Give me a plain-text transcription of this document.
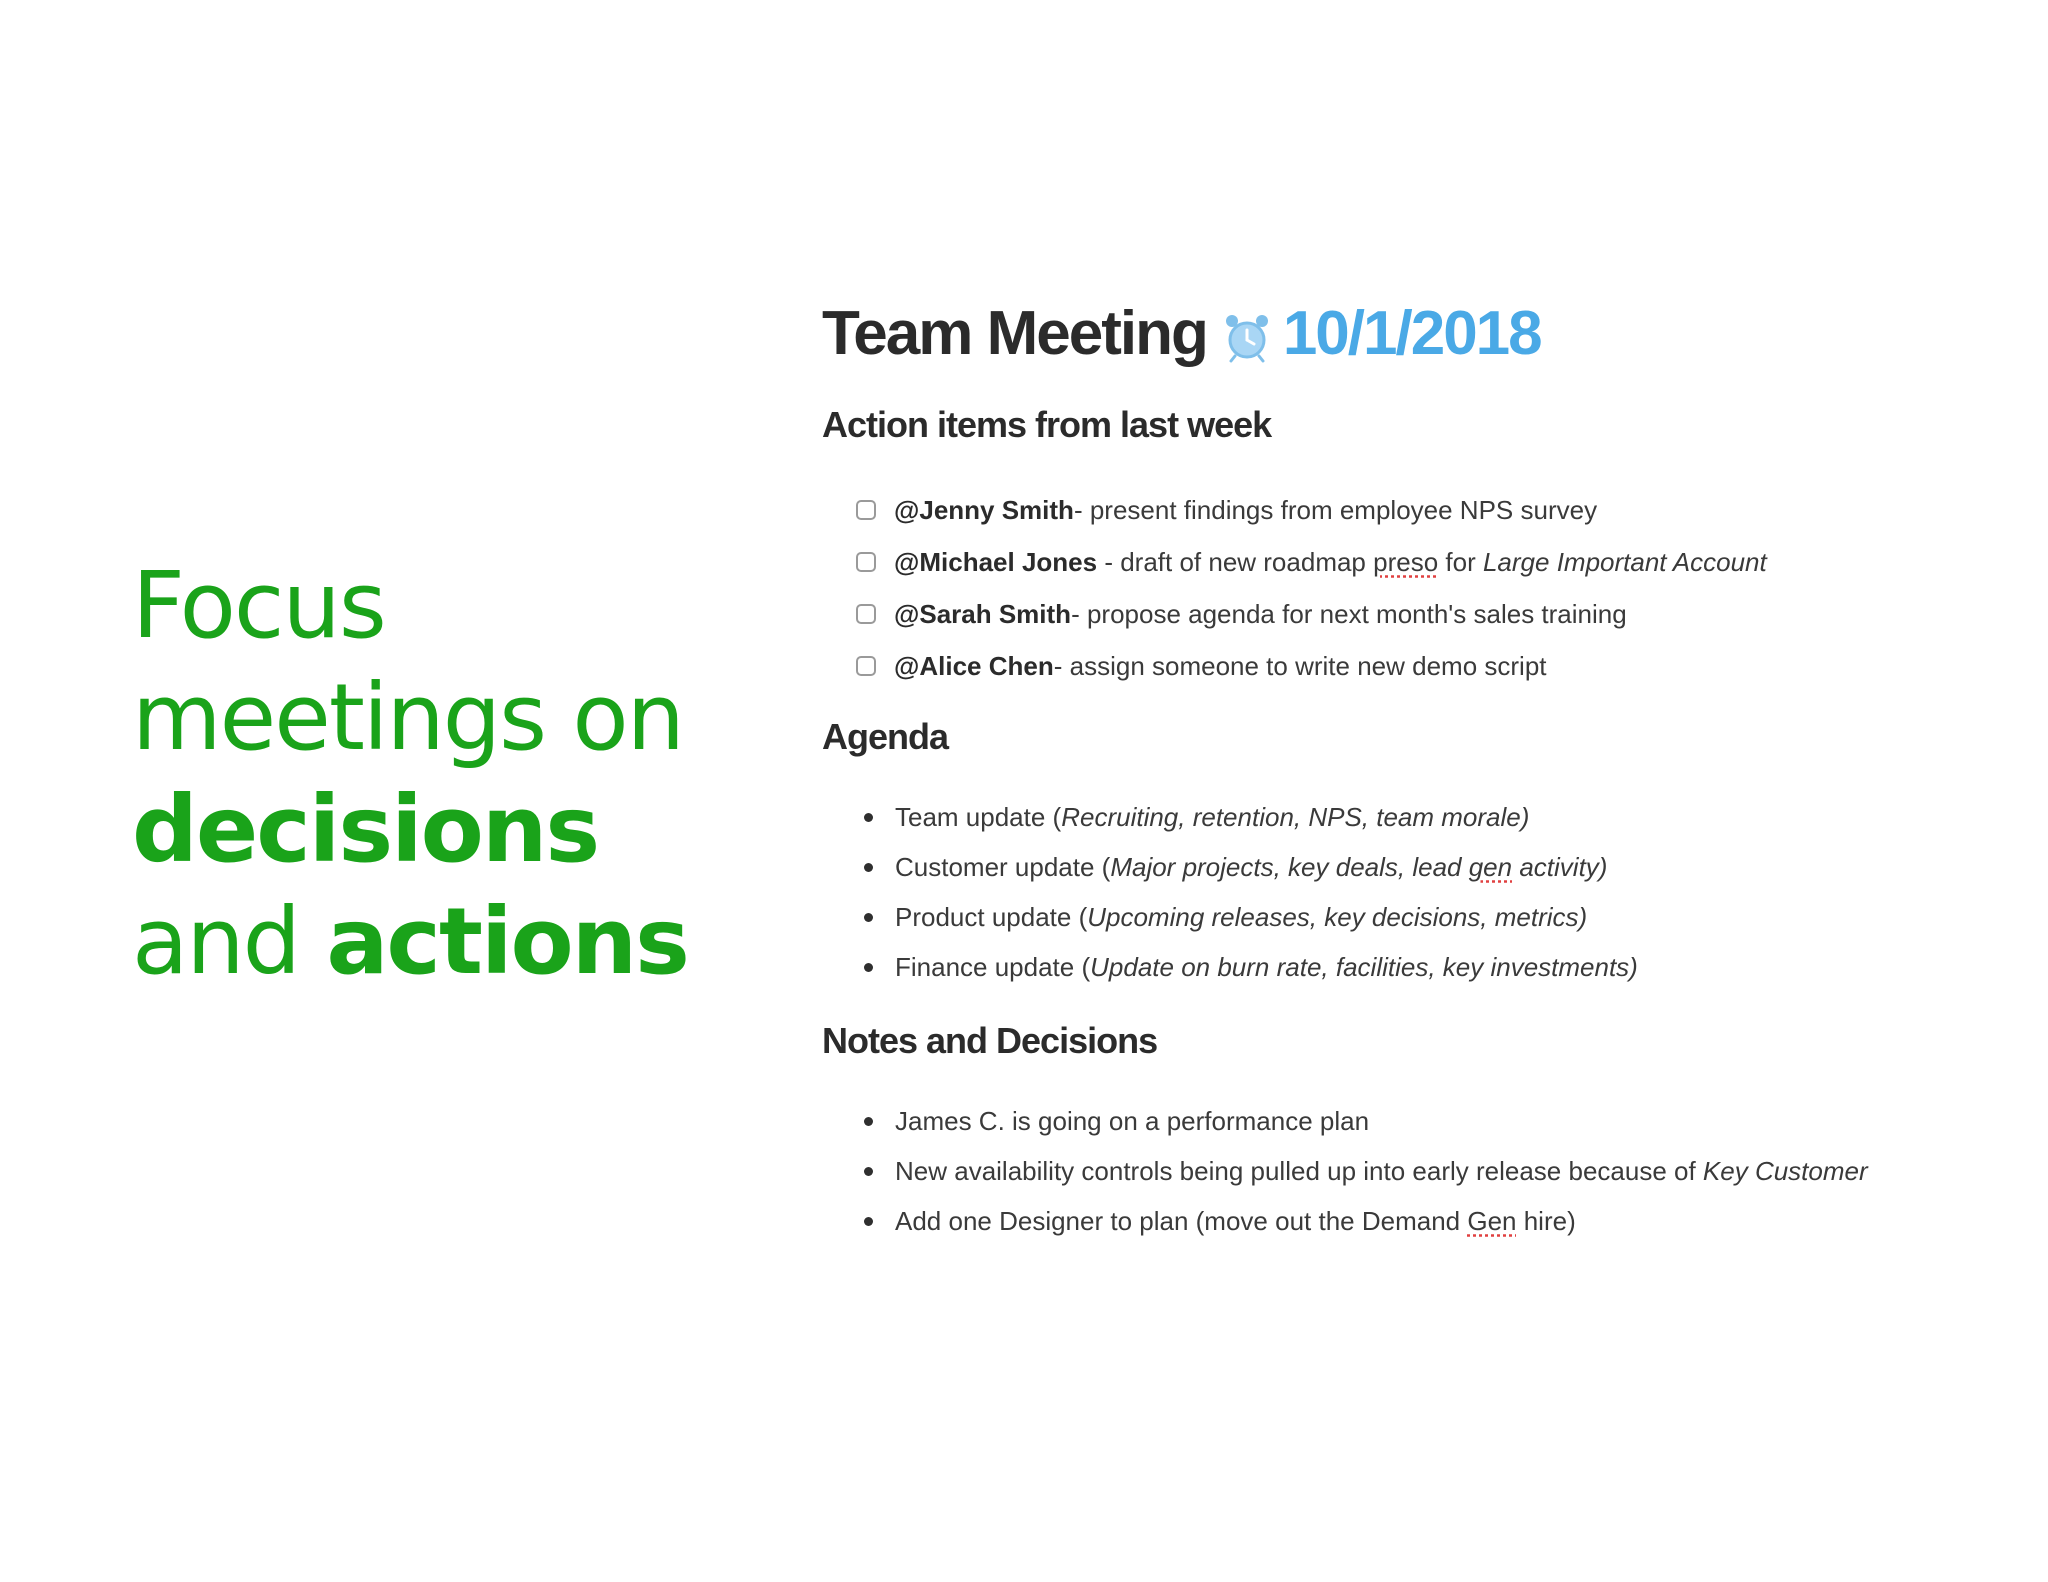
Focus
meetings on
decisions
and actions
Team Meeting 10/1/2018
Action items from last week
@Jenny Smith - present findings from employee NPS survey
@Michael Jones - draft of new roadmap preso for Large Important Account
@Sarah Smith - propose agenda for next month's sales training
@Alice Chen - assign someone to write new demo script
Agenda
Team update ( Recruiting, retention, NPS, team morale)
Customer update ( Major projects, key deals, lead gen activity)
Product update ( Upcoming releases, key decisions, metrics)
Finance update ( Update on burn rate, facilities, key investments)
Notes and Decisions
James C. is going on a performance plan
New availability controls being pulled up into early release because of Key Customer
Add one Designer to plan (move out the Demand Gen hire)
